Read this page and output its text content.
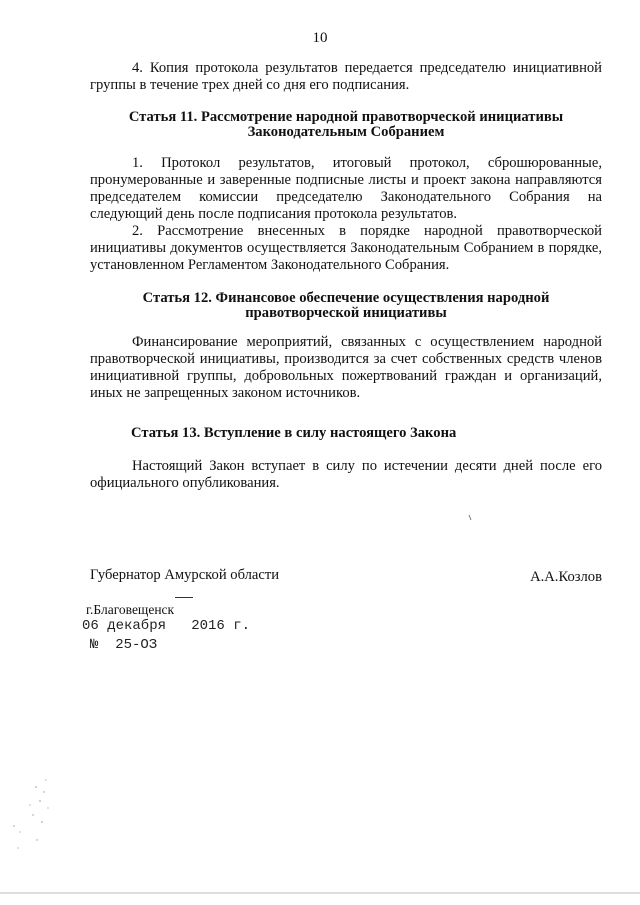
10

4. Копия протокола результатов передается председателю инициативной группы в течение трех дней со дня его подписания.

Статья 11. Рассмотрение народной правотворческой инициативы
Законодательным Собранием

1. Протокол результатов, итоговый протокол, сброшюрованные, пронумерованные и заверенные подписные листы и проект закона направляются председателем комиссии председателю Законодательного Собрания на следующий день после подписания протокола результатов.

2. Рассмотрение внесенных в порядке народной правотворческой инициативы документов осуществляется Законодательным Собранием в порядке, установленном Регламентом Законодательного Собрания.

Статья 12. Финансовое обеспечение осуществления народной
правотворческой инициативы

Финансирование мероприятий, связанных с осуществлением народной правотворческой инициативы, производится за счет собственных средств членов инициативной группы, добровольных пожертвований граждан и организаций, иных не запрещенных законом источников.

Статья 13. Вступление в силу настоящего Закона

Настоящий Закон вступает в силу по истечении десяти дней после его официального опубликования.

Губернатор Амурской области	А.А.Козлов
г.Благовещенск
06 декабря   2016 г.
№  25-ОЗ
